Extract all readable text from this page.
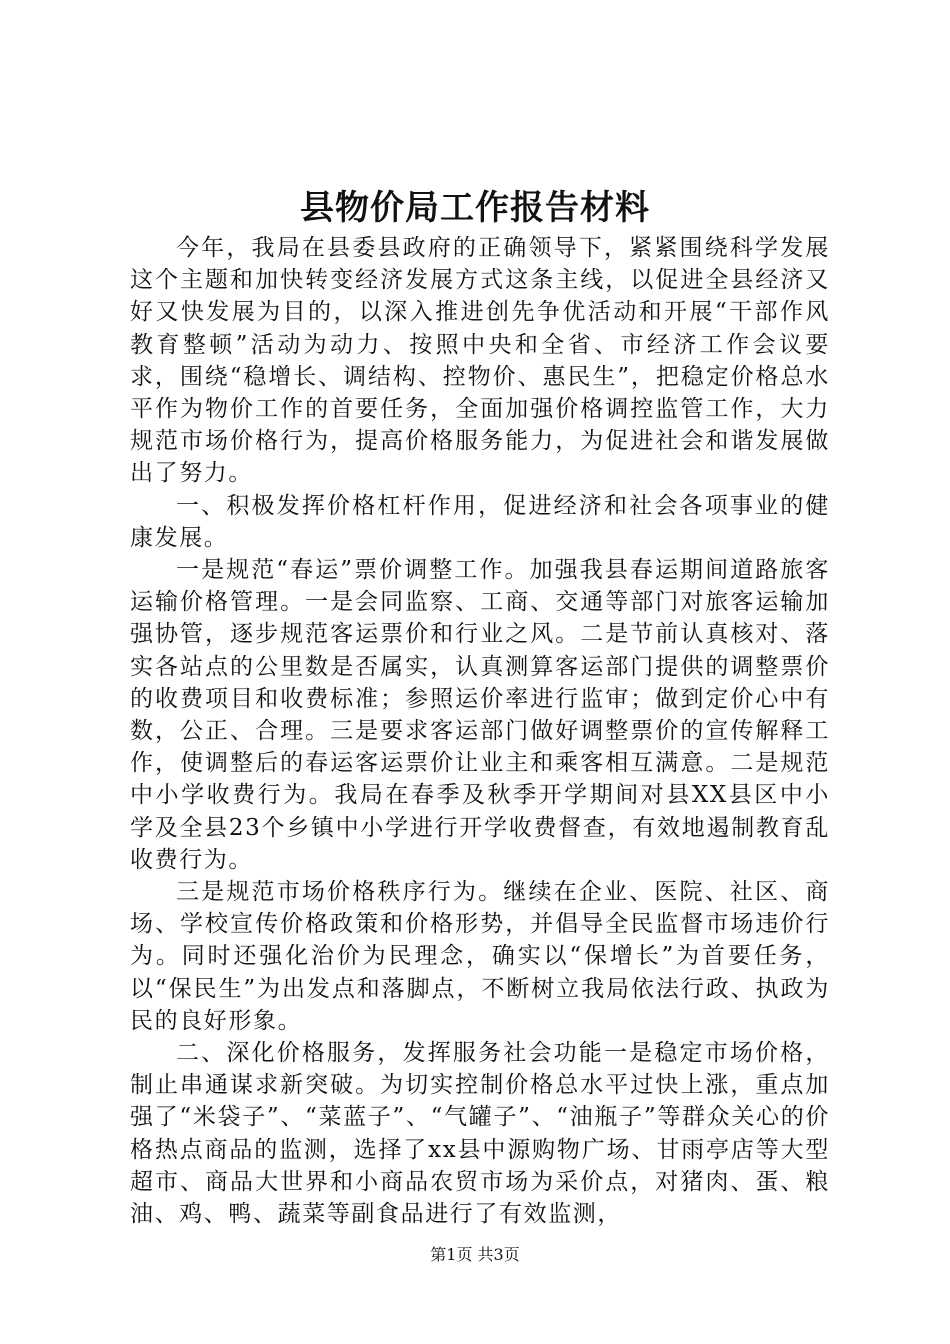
县物价局工作报告材料

今年，我局在县委县政府的正确领导下，紧紧围绕科学发展这个主题和加快转变经济发展方式这条主线，以促进全县经济又好又快发展为目的，以深入推进创先争优活动和开展“干部作风教育整顿”活动为动力、按照中央和全省、市经济工作会议要求，围绕“稳增长、调结构、控物价、惠民生”，把稳定价格总水平作为物价工作的首要任务，全面加强价格调控监管工作，大力规范市场价格行为，提高价格服务能力，为促进社会和谐发展做出了努力。

一、积极发挥价格杠杆作用，促进经济和社会各项事业的健康发展。

一是规范“春运”票价调整工作。加强我县春运期间道路旅客运输价格管理。一是会同监察、工商、交通等部门对旅客运输加强协管，逐步规范客运票价和行业之风。二是节前认真核对、落实各站点的公里数是否属实，认真测算客运部门提供的调整票价的收费项目和收费标准；参照运价率进行监审；做到定价心中有数，公正、合理。三是要求客运部门做好调整票价的宣传解释工作，使调整后的春运客运票价让业主和乘客相互满意。二是规范中小学收费行为。我局在春季及秋季开学期间对县XX县区中小学及全县23个乡镇中小学进行开学收费督查，有效地遏制教育乱收费行为。

三是规范市场价格秩序行为。继续在企业、医院、社区、商场、学校宣传价格政策和价格形势，并倡导全民监督市场违价行为。同时还强化治价为民理念，确实以“保增长”为首要任务，以“保民生”为出发点和落脚点，不断树立我局依法行政、执政为民的良好形象。

二、深化价格服务，发挥服务社会功能一是稳定市场价格，制止串通谋求新突破。为切实控制价格总水平过快上涨，重点加强了“米袋子”、“菜蓝子”、“气罐子”、“油瓶子”等群众关心的价格热点商品的监测，选择了xx县中源购物广场、甘雨亭店等大型超市、商品大世界和小商品农贸市场为采价点，对猪肉、蛋、粮油、鸡、鸭、蔬菜等副食品进行了有效监测，

第1页 共3页
